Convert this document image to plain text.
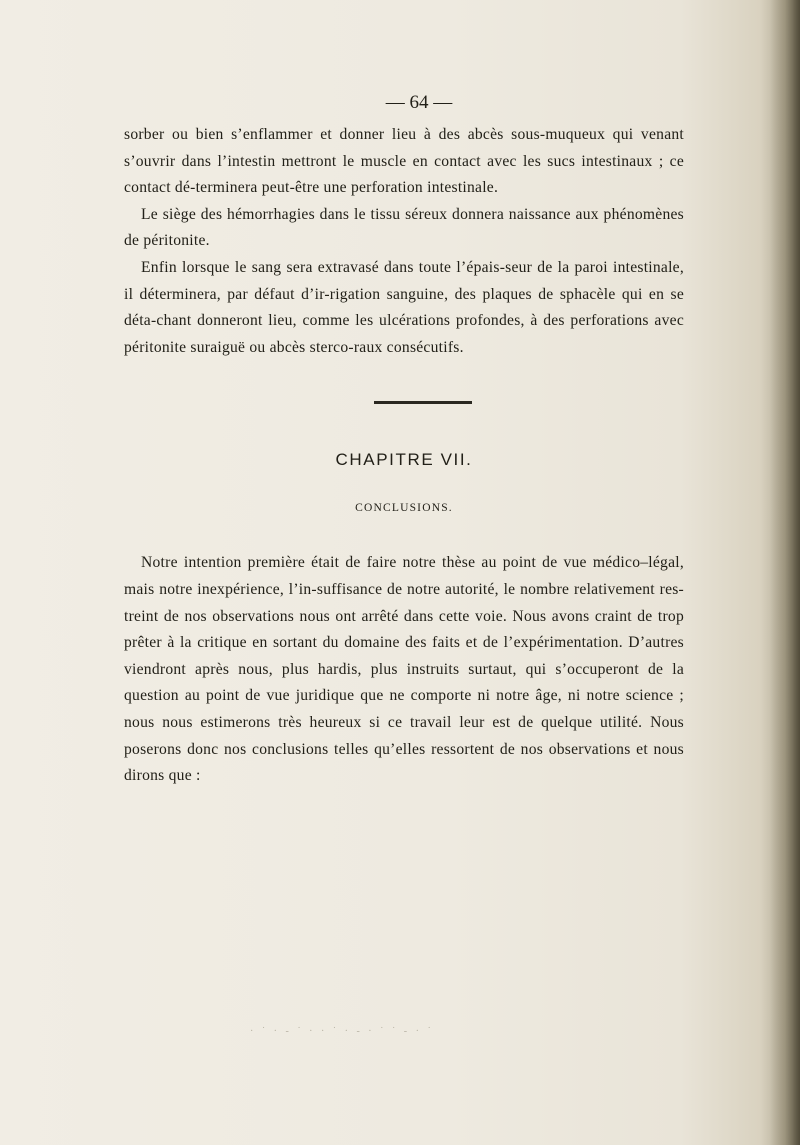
— 64 —

sorber ou bien s’enflammer et donner lieu à des abcès sous-muqueux qui venant s’ouvrir dans l’intestin mettront le muscle en contact avec les sucs intestinaux ; ce contact dé-terminera peut-être une perforation intestinale.

Le siège des hémorrhagies dans le tissu séreux donnera naissance aux phénomènes de péritonite.

Enfin lorsque le sang sera extravasé dans toute l’épais-seur de la paroi intestinale, il déterminera, par défaut d’ir-rigation sanguine, des plaques de sphacèle qui en se déta-chant donneront lieu, comme les ulcérations profondes, à des perforations avec péritonite suraiguë ou abcès sterco-raux consécutifs.

CHAPITRE VII.
CONCLUSIONS.

Notre intention première était de faire notre thèse au point de vue médico–légal, mais notre inexpérience, l’in-suffisance de notre autorité, le nombre relativement res-treint de nos observations nous ont arrêté dans cette voie. Nous avons craint de trop prêter à la critique en sortant du domaine des faits et de l’expérimentation. D’autres viendront après nous, plus hardis, plus instruits surtaut, qui s’occuperont de la question au point de vue juridique que ne comporte ni notre âge, ni notre science ; nous nous estimerons très heureux si ce travail leur est de quelque utilité. Nous poserons donc nos conclusions telles qu’elles ressortent de nos observations et nous dirons que :

· ˙ · ‐ ˙ · · ˙ · ‐ · ˙ ˙ ‐ · ˙
